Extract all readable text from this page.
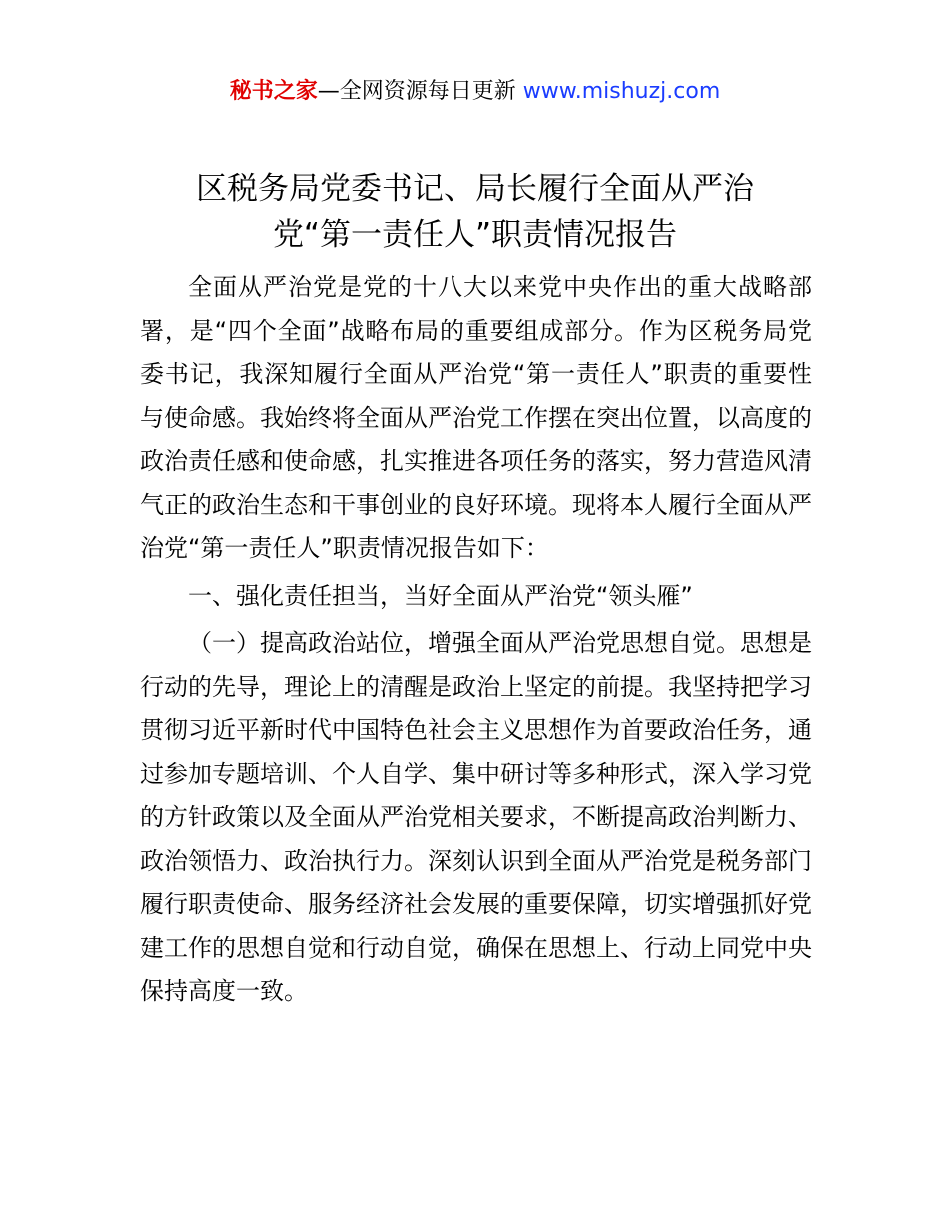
秘书之家—全网资源每日更新 www.mishuzj.com
区税务局党委书记、局长履行全面从严治
党“第一责任人”职责情况报告

全面从严治党是党的十八大以来党中央作出的重大战略部署，是“四个全面”战略布局的重要组成部分。作为区税务局党委书记，我深知履行全面从严治党“第一责任人”职责的重要性与使命感。我始终将全面从严治党工作摆在突出位置，以高度的政治责任感和使命感，扎实推进各项任务的落实，努力营造风清气正的政治生态和干事创业的良好环境。现将本人履行全面从严治党“第一责任人”职责情况报告如下：

一、强化责任担当，当好全面从严治党“领头雁”

（一）提高政治站位，增强全面从严治党思想自觉。思想是行动的先导，理论上的清醒是政治上坚定的前提。我坚持把学习贯彻习近平新时代中国特色社会主义思想作为首要政治任务，通过参加专题培训、个人自学、集中研讨等多种形式，深入学习党的方针政策以及全面从严治党相关要求，不断提高政治判断力、政治领悟力、政治执行力。深刻认识到全面从严治党是税务部门履行职责使命、服务经济社会发展的重要保障，切实增强抓好党建工作的思想自觉和行动自觉，确保在思想上、行动上同党中央保持高度一致。
